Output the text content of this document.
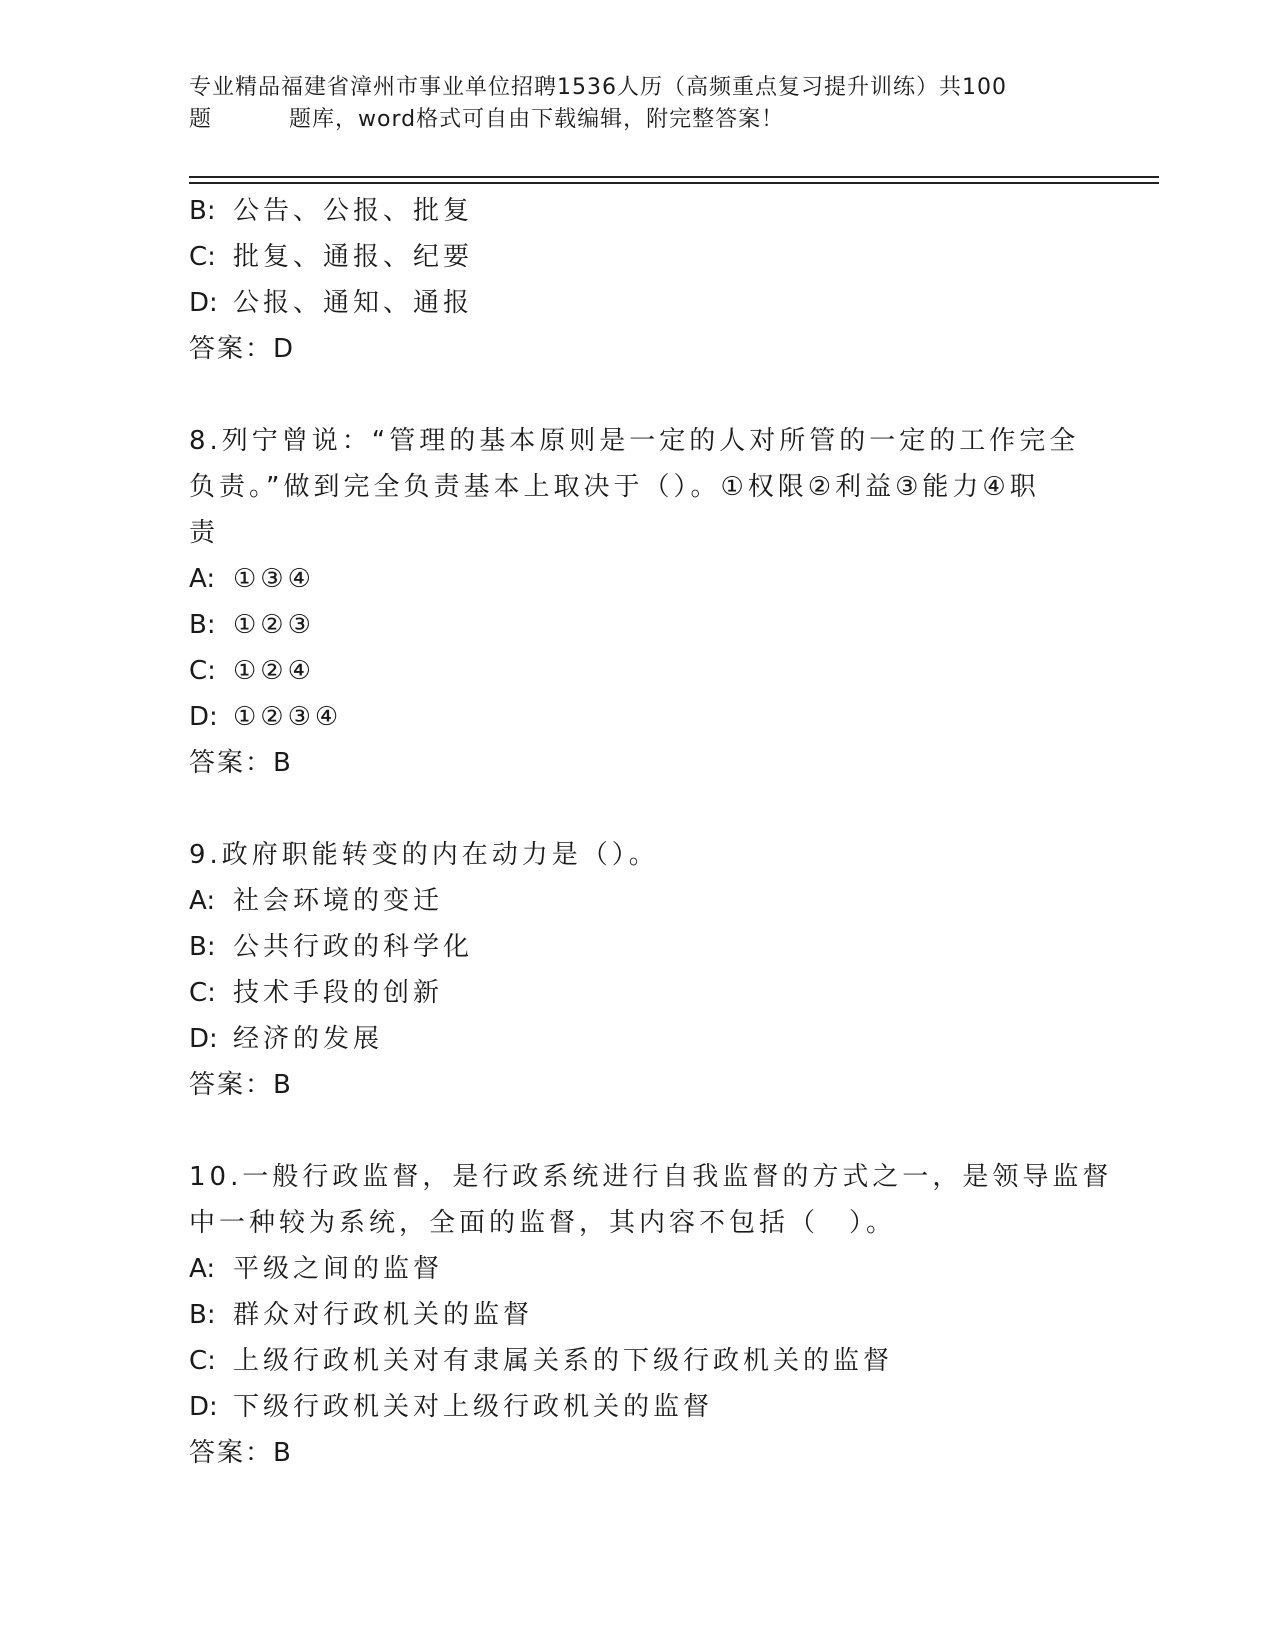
专业精品福建省漳州市事业单位招聘1536人历（高频重点复习提升训练）共100
题	题库，word格式可自由下载编辑，附完整答案！
B: 公告、公报、批复
C: 批复、通报、纪要
D: 公报、通知、通报
答案：D
8.列宁曾说：“管理的基本原则是一定的人对所管的一定的工作完全
负责。”做到完全负责基本上取决于（）。①权限②利益③能力④职
责
A: ①③④
B: ①②③
C: ①②④
D: ①②③④
答案：B
9.政府职能转变的内在动力是（）。
A: 社会环境的变迁
B: 公共行政的科学化
C: 技术手段的创新
D: 经济的发展
答案：B
10.一般行政监督，是行政系统进行自我监督的方式之一，是领导监督
中一种较为系统，全面的监督，其内容不包括（　）。
A: 平级之间的监督
B: 群众对行政机关的监督
C: 上级行政机关对有隶属关系的下级行政机关的监督
D: 下级行政机关对上级行政机关的监督
答案：B
